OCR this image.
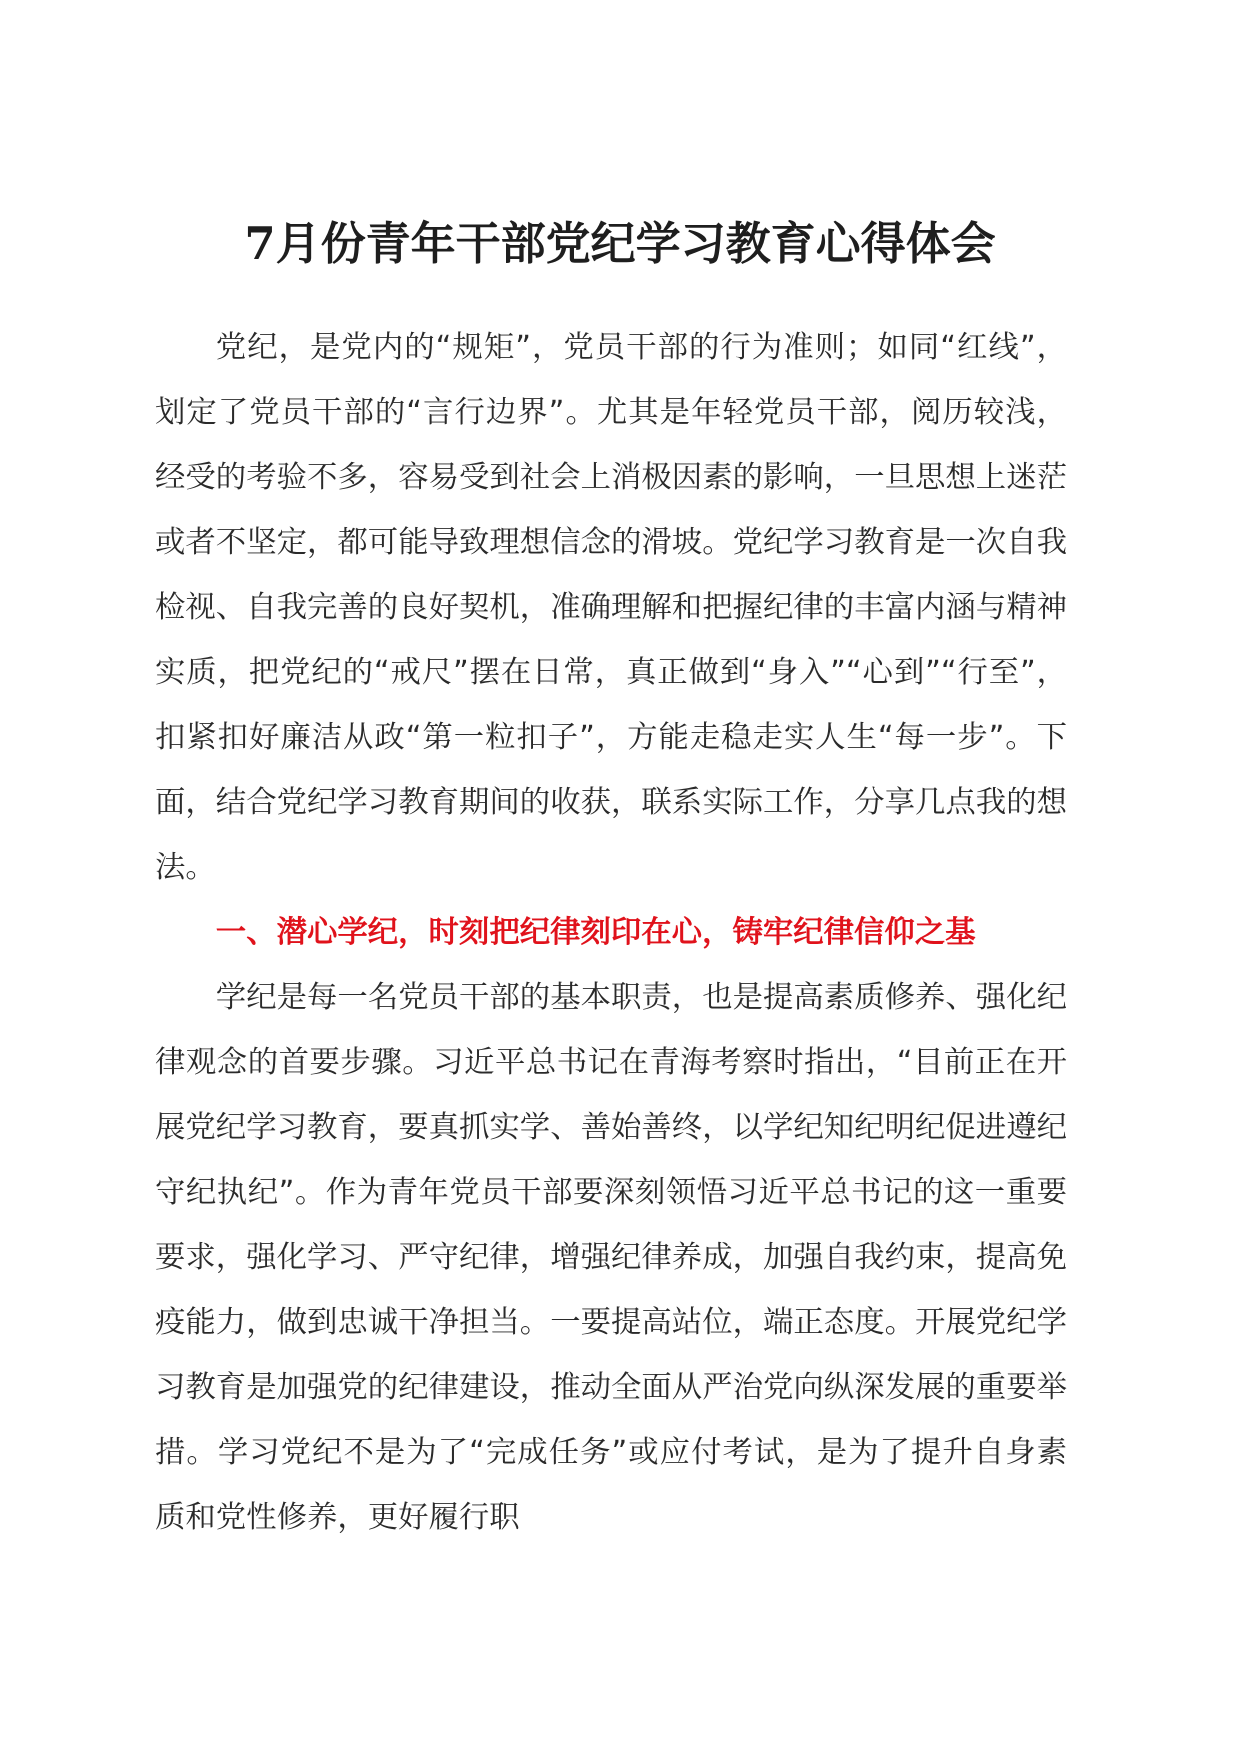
7月份青年干部党纪学习教育心得体会

党纪，是党内的“规矩”，党员干部的行为准则；如同“红线”，划定了党员干部的“言行边界”。尤其是年轻党员干部，阅历较浅，经受的考验不多，容易受到社会上消极因素的影响，一旦思想上迷茫或者不坚定，都可能导致理想信念的滑坡。党纪学习教育是一次自我检视、自我完善的良好契机，准确理解和把握纪律的丰富内涵与精神实质，把党纪的“戒尺”摆在日常，真正做到“身入”“心到”“行至”，扣紧扣好廉洁从政“第一粒扣子”，方能走稳走实人生“每一步”。下面，结合党纪学习教育期间的收获，联系实际工作，分享几点我的想法。

一、潜心学纪，时刻把纪律刻印在心，铸牢纪律信仰之基

学纪是每一名党员干部的基本职责，也是提高素质修养、强化纪律观念的首要步骤。习近平总书记在青海考察时指出，“目前正在开展党纪学习教育，要真抓实学、善始善终，以学纪知纪明纪促进遵纪守纪执纪”。作为青年党员干部要深刻领悟习近平总书记的这一重要要求，强化学习、严守纪律，增强纪律养成，加强自我约束，提高免疫能力，做到忠诚干净担当。一要提高站位，端正态度。开展党纪学习教育是加强党的纪律建设，推动全面从严治党向纵深发展的重要举措。学习党纪不是为了“完成任务”或应付考试，是为了提升自身素质和党性修养，更好履行职
